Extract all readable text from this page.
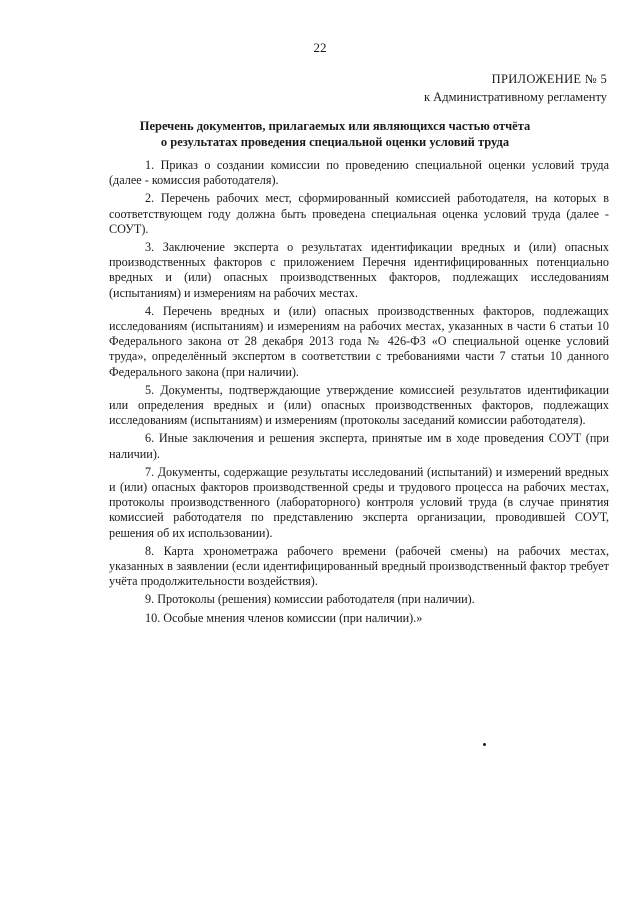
22
ПРИЛОЖЕНИЕ № 5
к Административному регламенту
Перечень документов, прилагаемых или являющихся частью отчёта
о результатах проведения специальной оценки условий труда

1. Приказ о создании комиссии по проведению специальной оценки условий труда (далее - комиссия работодателя).

2. Перечень рабочих мест, сформированный комиссией работодателя, на которых в соответствующем году должна быть проведена специальная оценка условий труда (далее - СОУТ).

3. Заключение эксперта о результатах идентификации вредных и (или) опасных производственных факторов с приложением Перечня идентифицированных потенциально вредных и (или) опасных производственных факторов, подлежащих исследованиям (испытаниям) и измерениям на рабочих местах.

4. Перечень вредных и (или) опасных производственных факторов, подлежащих исследованиям (испытаниям) и измерениям на рабочих местах, указанных в части 6 статьи 10 Федерального закона от 28 декабря 2013 года № 426-ФЗ «О специальной оценке условий труда», определённый экспертом в соответствии с требованиями части 7 статьи 10 данного Федерального закона (при наличии).

5. Документы, подтверждающие утверждение комиссией результатов идентификации или определения вредных и (или) опасных производственных факторов, подлежащих исследованиям (испытаниям) и измерениям (протоколы заседаний комиссии работодателя).

6. Иные заключения и решения эксперта, принятые им в ходе проведения СОУТ (при наличии).

7. Документы, содержащие результаты исследований (испытаний) и измерений вредных и (или) опасных факторов производственной среды и трудового процесса на рабочих местах, протоколы производственного (лабораторного) контроля условий труда (в случае принятия комиссией работодателя по представлению эксперта организации, проводившей СОУТ, решения об их использовании).

8. Карта хронометража рабочего времени (рабочей смены) на рабочих местах, указанных в заявлении (если идентифицированный вредный производственный фактор требует учёта продолжительности воздействия).

9. Протоколы (решения) комиссии работодателя (при наличии).

10. Особые мнения членов комиссии (при наличии).»
